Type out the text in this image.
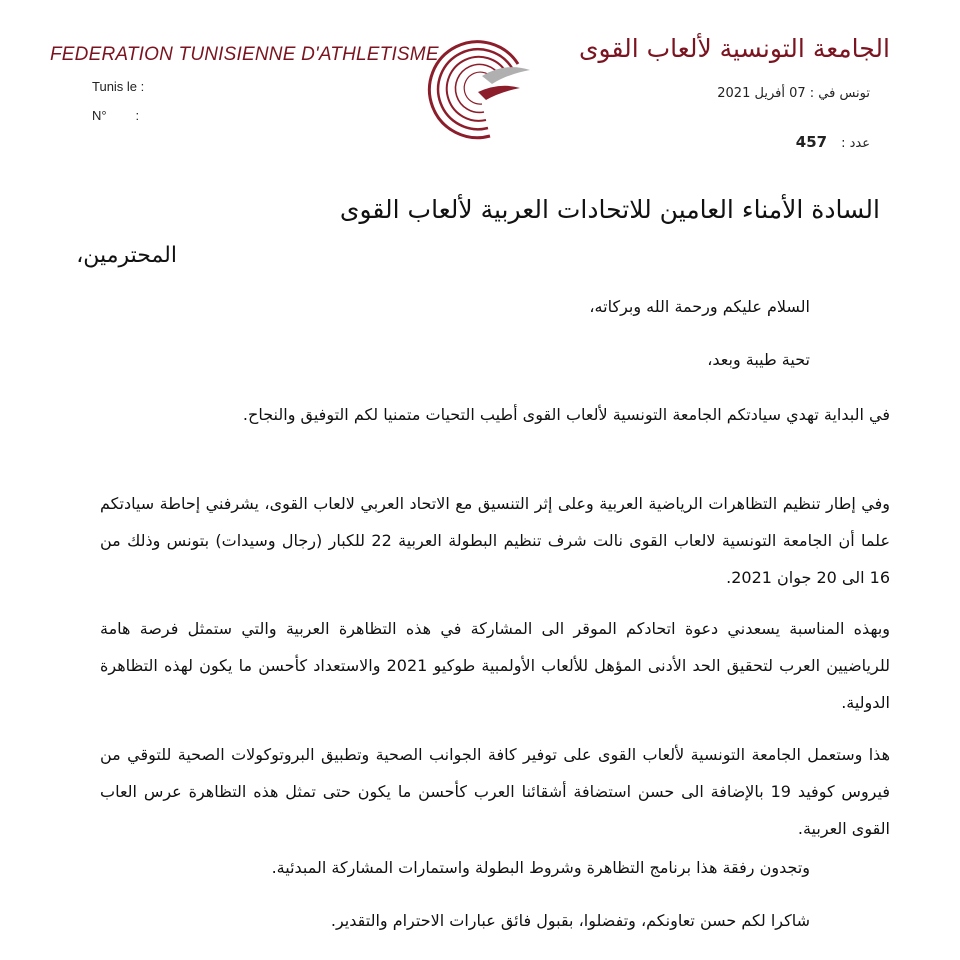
FEDERATION TUNISIENNE D'ATHLETISME
Tunis le :
N°        :
الجامعة التونسية لألعاب القوى
تونس في : 07 أفريل 2021
عدد :457
السادة الأمناء العامين للاتحادات العربية لألعاب القوى
المحترمين،
السلام عليكم ورحمة الله وبركاته،
تحية طيبة وبعد،
في البداية تهدي سيادتكم الجامعة التونسية لألعاب القوى أطيب التحيات متمنيا لكم التوفيق والنجاح.
وفي إطار تنظيم التظاهرات الرياضية العربية وعلى إثر التنسيق مع الاتحاد العربي لالعاب القوى، يشرفني إحاطة سيادتكم علما أن الجامعة التونسية لالعاب القوى نالت شرف تنظيم البطولة العربية 22 للكبار (رجال وسيدات) بتونس وذلك من 16 الى 20 جوان 2021.
وبهذه المناسبة يسعدني دعوة اتحادكم الموقر الى المشاركة في هذه التظاهرة العربية والتي ستمثل فرصة هامة للرياضيين العرب لتحقيق الحد الأدنى المؤهل للألعاب الأولمبية طوكيو 2021 والاستعداد كأحسن ما يكون لهذه التظاهرة الدولية.
هذا وستعمل الجامعة التونسية لألعاب القوى على توفير كافة الجوانب الصحية وتطبيق البروتوكولات الصحية للتوقي من فيروس كوفيد 19 بالإضافة الى حسن استضافة أشقائنا العرب كأحسن ما يكون حتى تمثل هذه التظاهرة عرس العاب القوى العربية.
وتجدون رفقة هذا برنامج التظاهرة وشروط البطولة واستمارات المشاركة المبدئية.
شاكرا لكم حسن تعاونكم، وتفضلوا، بقبول فائق عبارات الاحترام والتقدير.
